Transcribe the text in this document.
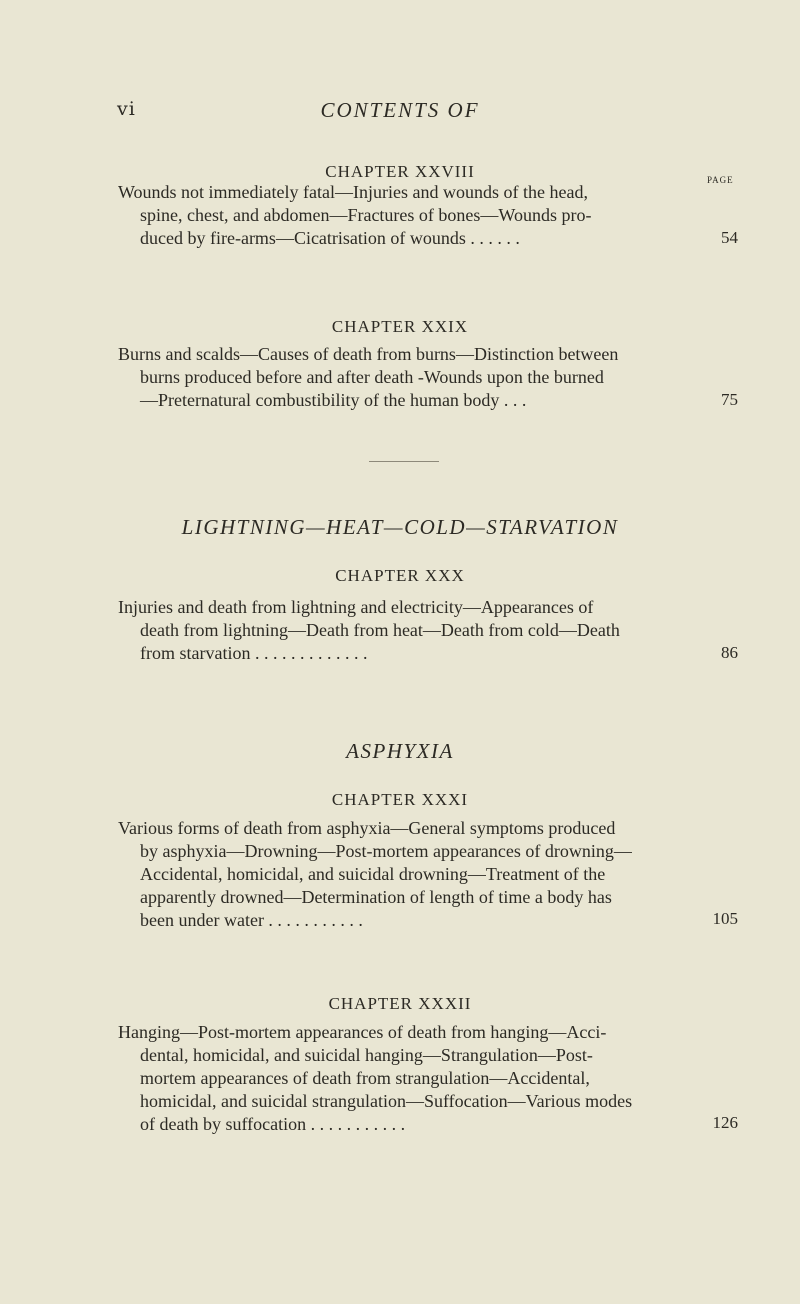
vi	CONTENTS OF
CHAPTER XXVIII	PAGE
Wounds not immediately fatal—Injuries and wounds of the head,
spine, chest, and abdomen—Fractures of bones—Wounds pro-
duced by fire-arms—Cicatrisation of wounds . . . . . .	54
CHAPTER XXIX
Burns and scalds—Causes of death from burns—Distinction between
burns produced before and after death -Wounds upon the burned
—Preternatural combustibility of the human body . . .	75
LIGHTNING—HEAT—COLD—STARVATION
CHAPTER XXX
Injuries and death from lightning and electricity—Appearances of
death from lightning—Death from heat—Death from cold—Death
from starvation . . . . . . . . . . . . .	86
ASPHYXIA
CHAPTER XXXI
Various forms of death from asphyxia—General symptoms produced
by asphyxia—Drowning—Post-mortem appearances of drowning—
Accidental, homicidal, and suicidal drowning—Treatment of the
apparently drowned—Determination of length of time a body has
been under water . . . . . . . . . . .	105
CHAPTER XXXII
Hanging—Post-mortem appearances of death from hanging—Acci-
dental, homicidal, and suicidal hanging—Strangulation—Post-
mortem appearances of death from strangulation—Accidental,
homicidal, and suicidal strangulation—Suffocation—Various modes
of death by suffocation . . . . . . . . . . .	126
